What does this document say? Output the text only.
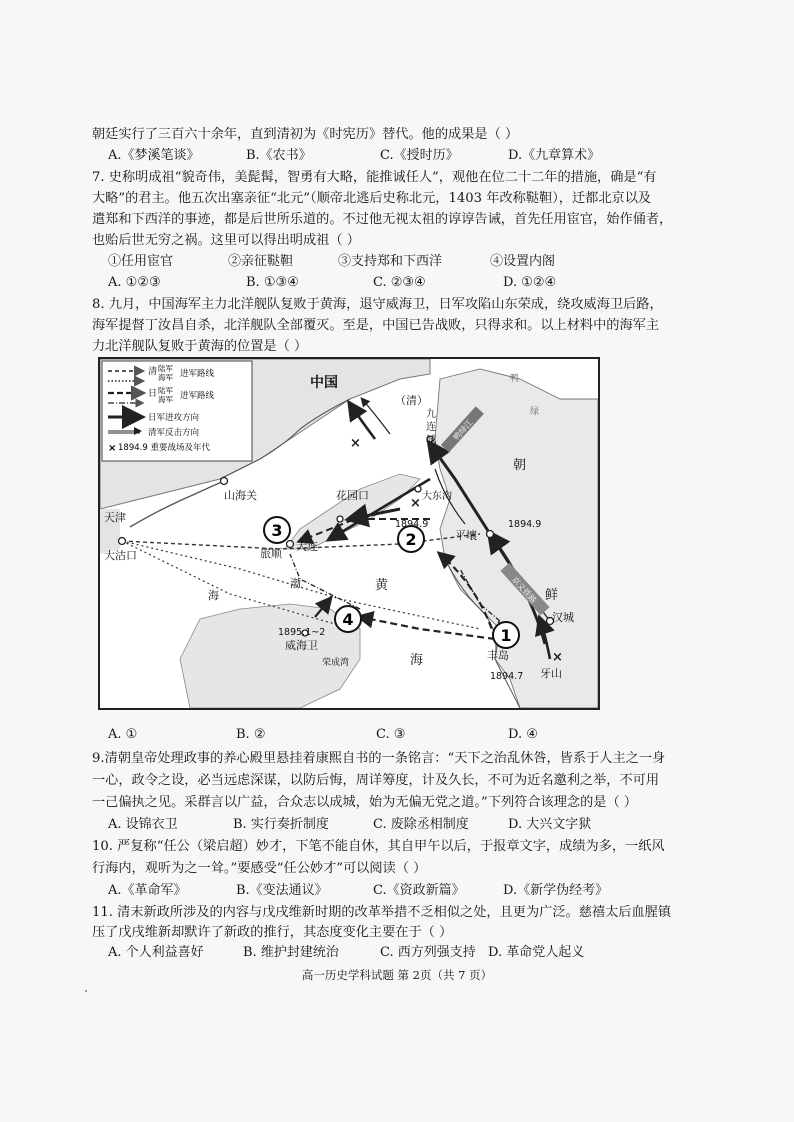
朝廷实行了三百六十余年，直到清初为《时宪历》替代。他的成果是（ ）
A.《梦溪笔谈》	B.《农书》	C.《授时历》	D.《九章算术》
7. 史称明成祖“貌奇伟，美髭髯，智勇有大略，能推诚任人”，观他在位二十二年的措施，确是“有
大略”的君主。他五次出塞亲征“北元”（顺帝北逃后史称北元，1403 年改称鞑靼），迁都北京以及
遣郑和下西洋的事迹，都是后世所乐道的。不过他无视太祖的谆谆告诫，首先任用宦官，始作俑者，
也贻后世无穷之祸。这里可以得出明成祖（ ）
①任用宦官	②亲征鞑靼	③支持郑和下西洋	④设置内阁
A. ①②③	B. ①③④	C. ②③④	D. ①②④
8. 九月，中国海军主力北洋舰队复败于黄海，退守威海卫，日军攻陷山东荣成，绕攻威海卫后路，
海军提督丁汝昌自杀，北洋舰队全部覆灭。至是，中国已告战败，只得求和。以上材料中的海军主
力北洋舰队复败于黄海的位置是（ ）
清 陆军
海军 进军路线
日 陆军
海军 进军路线
日军进攻方向
清军反击方向
× 1894.9 重要战场及年代
京义铁路
鸭绿江
×
×
×
3	2
4
1
中国
（清）
九
连
城
朝
鲜
鸭
绿
山海关
天津
大沽口
花园口	大东沟
旅顺
大连
平壤
汉城
威海卫
荣成湾
丰岛
牙山
渤
海
黄
海
1894.9	1894.9
1895.1~2
1894.7
A. ①	B. ②	C. ③	D. ④
9.清朝皇帝处理政事的养心殿里悬挂着康熙自书的一条铭言：“天下之治乱休咎，皆系于人主之一身
一心，政令之设，必当远虑深谋，以防后悔，周详筹度，计及久长，不可为近名邀利之举，不可用
一己偏执之见。采群言以广益，合众志以成城，始为无偏无党之道。”下列符合该理念的是（ ）
A. 设锦衣卫	B. 实行奏折制度	C. 废除丞相制度	D. 大兴文字狱
10. 严复称“任公（梁启超）妙才，下笔不能自休，其自甲午以后，于报章文字，成绩为多，一纸风
行海内，观听为之一耸。”要感受“任公妙才”可以阅读（ ）
A.《革命军》	B.《变法通议》	C.《资政新篇》	D.《新学伪经考》
11. 清末新政所涉及的内容与戊戌维新时期的改革举措不乏相似之处，且更为广泛。慈禧太后血腥镇
压了戊戌维新却默许了新政的推行，其态度变化主要在于（ ）
A. 个人利益喜好	B. 维护封建统治	C. 西方列强支持 D. 革命党人起义
高一历史学科试题 第 2页（共 7 页）
